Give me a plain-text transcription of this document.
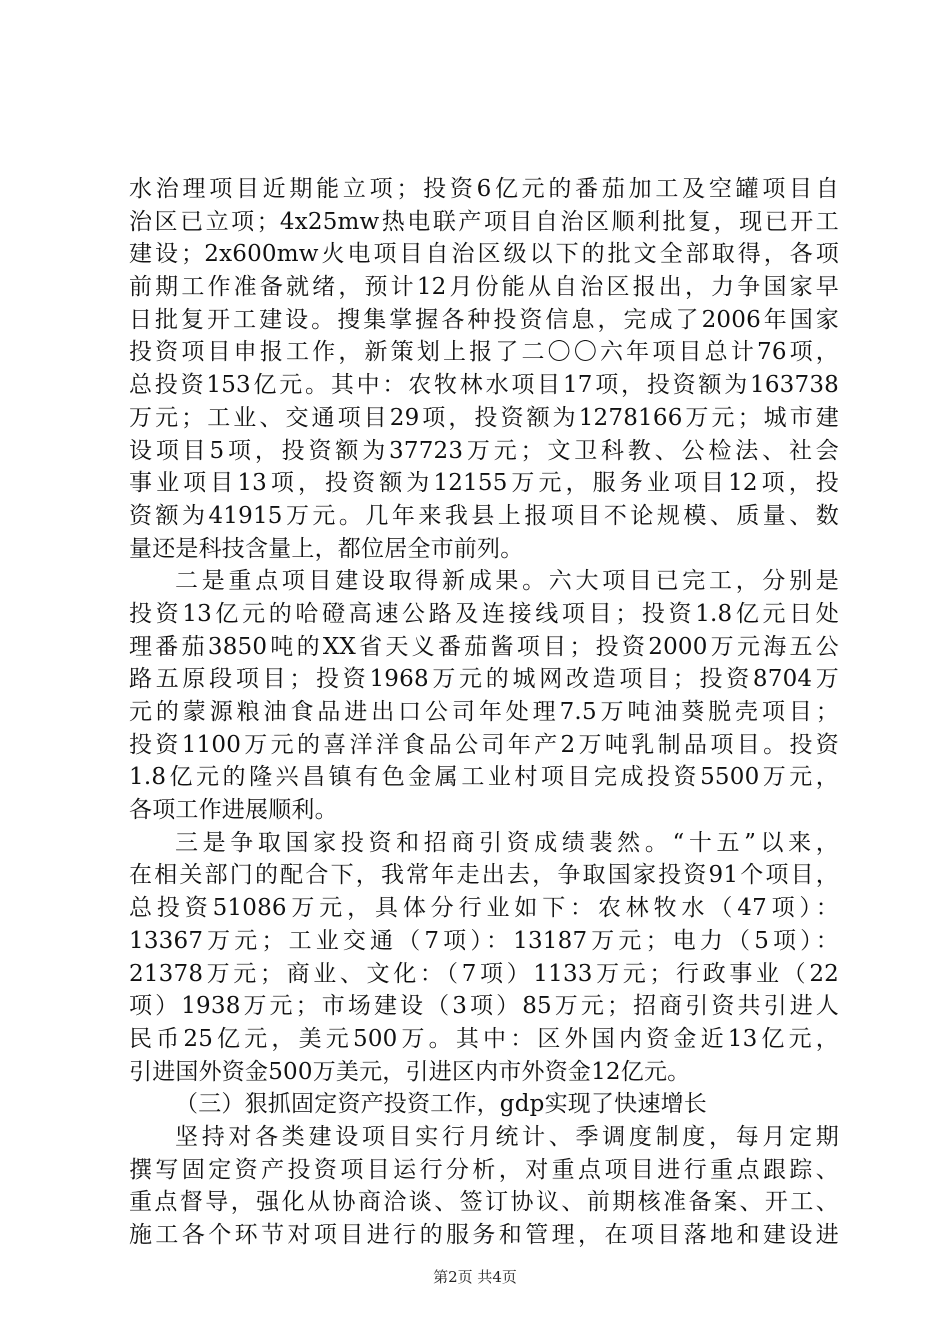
水治理项目近期能立项；投资6亿元的番茄加工及空罐项目自
治区已立项；4x25mw热电联产项目自治区顺利批复，现已开工
建设；2x600mw火电项目自治区级以下的批文全部取得，各项
前期工作准备就绪，预计12月份能从自治区报出，力争国家早
日批复开工建设。搜集掌握各种投资信息，完成了2006年国家
投资项目申报工作，新策划上报了二〇〇六年项目总计76项，
总投资153亿元。其中：农牧林水项目17项，投资额为163738
万元；工业、交通项目29项，投资额为1278166万元；城市建
设项目5项，投资额为37723万元；文卫科教、公检法、社会
事业项目13项，投资额为12155万元，服务业项目12项，投
资额为41915万元。几年来我县上报项目不论规模、质量、数
量还是科技含量上，都位居全市前列。
二是重点项目建设取得新成果。六大项目已完工，分别是
投资13亿元的哈磴高速公路及连接线项目；投资1.8亿元日处
理番茄3850吨的XX省天义番茄酱项目；投资2000万元海五公
路五原段项目；投资1968万元的城网改造项目；投资8704万
元的蒙源粮油食品进出口公司年处理7.5万吨油葵脱壳项目；
投资1100万元的喜洋洋食品公司年产2万吨乳制品项目。投资
1.8亿元的隆兴昌镇有色金属工业村项目完成投资5500万元，
各项工作进展顺利。
三是争取国家投资和招商引资成绩裴然。“十五”以来，
在相关部门的配合下，我常年走出去，争取国家投资91个项目，
总投资51086万元，具体分行业如下：农林牧水（47项）：
13367万元；工业交通（7项）：13187万元；电力（5项）：
21378万元；商业、文化：（7项）1133万元；行政事业（22
项）1938万元；市场建设（3项）85万元；招商引资共引进人
民币25亿元，美元500万。其中：区外国内资金近13亿元，
引进国外资金500万美元，引进区内市外资金12亿元。
（三）狠抓固定资产投资工作，gdp实现了快速增长
坚持对各类建设项目实行月统计、季调度制度，每月定期
撰写固定资产投资项目运行分析，对重点项目进行重点跟踪、
重点督导，强化从协商洽谈、签订协议、前期核准备案、开工、
施工各个环节对项目进行的服务和管理，在项目落地和建设进
第2页 共4页
